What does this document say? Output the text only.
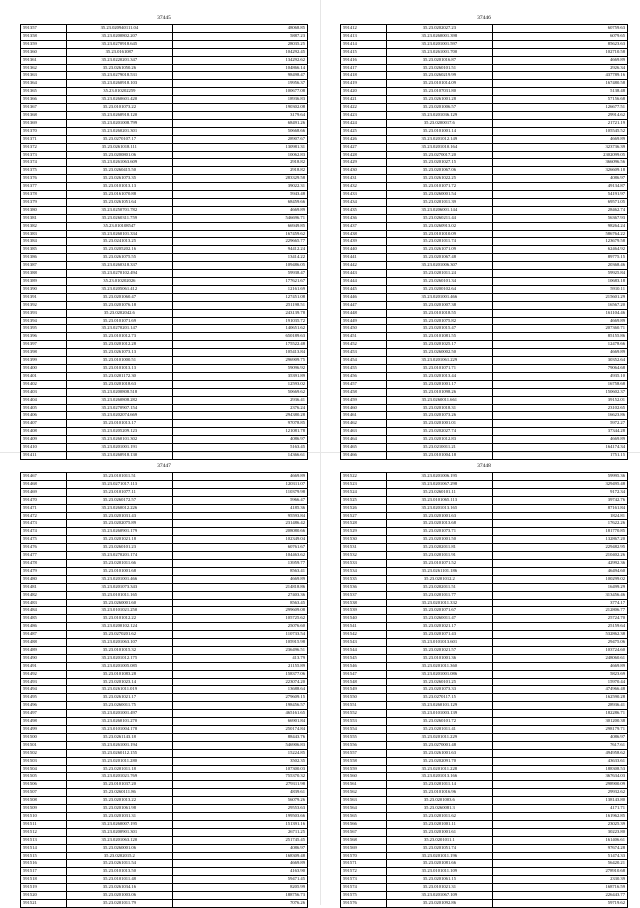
37445
591357	35.23.020940111.04	48068.85
591358	35.23.0200802.207	5887.23
591359	35.23.0270918.645	28035.25
591360	35.23.0161087	104292.45
591361	35.23.0220201.347	134292.62
591362	35.23.0261050.26	104866.14
591363	35.23.0279018.531	98498.47
591364	35.23.0260918.103	19956.37
591365	35.23.010202259	100677.08
591366	35.23.0260601.420	18936.83
591367	35.23.0101073.22	190302.08
591368	35.23.0260918.120	3179.64
591369	35.23.0201008.799	68491.26
591370	35.23.0260201.301	50668.66
591371	35.23.0270107.17	28907.67
591372	35.23.0261018.111	130981.31
591373	35.23.0200801.06	10062.83
591374	35.23.0261063.609	2918.82
591375	35.23.0260415.50	2918.82
591376	35.23.0261073.35	283329.58
591377	35.23.0101013.13	39022.31
591378	35.23.0161070.88	5943.48
591379	35.23.0261051.64	68459.66
591380	35.23.0250701.782	4669.89
591381	35.23.0260311.759	546696.71
591382	35.23.010108547	66949.85
591383	35.23.0260101.334	167459.62
591384	35.23.0241013.25	229665.77
591385	35.23.0205202.16	94412.24
591386	35.23.0261075.55	13414.22
591387	35.23.0260318.337	109486.05
591388	35.23.0270102.494	59938.47
591389	35.23.010202026	177621.67
591390	35.23.0205061.412	12161.69
591391	35.23.0201060.47	127451.08
591392	35.23.0201076.18	251198.51
591393	35.23.0202042.6	243139.78
591394	35.23.0101071.69	191035.72
591395	35.23.0270201.147	140651.62
591396	35.23.0101012.73	650189.63
591397	35.23.0201012.28	175522.48
591398	35.23.0261073.13	105413.84
591399	35.23.0101000.51	296909.75
591400	35.23.0101013.13	59096.92
591401	35.23.0201172.30	35391.89
591402	35.23.0201018.63	12593.02
591403	35.23.0200808.518	50669.62
591404	35.23.0260808.282	2936.41
591405	35.23.0270907.154	2376.24
591406	35.23.0202074.669	294380.28
591407	35.23.0101013.17	97078.85
591408	35.23.0205209.123	121081.78
591409	35.23.0260101.302	4086.97
591410	35.23.0201001.191	5163.45
591411	35.23.0260918.130	14366.61
37446
591412	35.23.0202027.23	60759.63
591413	35.23.0260001.398	6079.65
591414	35.23.0201001.597	85623.63
591415	35.23.0261001.700	102710.58
591416	35.23.0201016.87	4669.89
591417	35.23.0260101.51	2926.34
591418	35.23.0260219.99	437789.16
591419	35.23.0101014.09	167480.58
591420	35.23.0107031.80	5138.48
591421	35.23.0261001.28	57156.68
591422	35.23.0201006.57	126677.51
591423	35.23.0201036.129	29914.62
591424	35.23.0200017.6	21721.19
591425	35.23.0101001.14	105545.52
591426	35.23.0201012.149	4669.89
591427	35.23.0201010.164	323736.39
591428	35.23.0270017.20	2302099.05
591429	35.23.0201027.15	366096.56
591430	35.23.0201067.06	326609.18
591431	35.23.0261022.25	4086.97
591432	35.23.0101071.72	49134.87
591433	35.23.0260001.54	54191.97
591434	35.23.0201011.39	69571.05
591435	35.23.0206001.144	28462.74
591436	35.23.0260211.44	56367.93
591437	35.23.0260913.02	98264.24
591438	35.23.0101010.09	586764.22
591439	35.23.0201011.74	123679.58
591440	35.23.0261071.09	62464.92
591441	35.23.0201067.48	89775.15
591442	35.23.0201006.307	20368.46
591443	35.23.0201011.24	59925.84
591444	35.23.0260101.34	10683.18
591445	35.23.0200102.64	5910.11
591446	35.23.0201001.466	215601.29
591447	35.23.0201007.38	16567.20
591448	35.23.0101018.55	161104.46
591449	35.23.0201075.82	4669.89
591450	35.23.0201015.47	207360.71
591451	35.23.0101081.55	85155.86
591452	35.23.0201025.17	12478.66
591453	35.23.0260002.50	4669.89
591454	35.23.0201061.229	30352.64
591455	35.23.0101071.71	79064.68
591456	35.23.0201013.44	4935.10
591457	35.23.0201001.17	16758.68
591458	35.23.0101098.26	150602.37
591459	35.23.0260011.661	39152.01
591460	35.23.0201018.31	23102.65
591461	35.23.0201073.26	16623.86
591462	35.23.0201001.01	5972.27
591463	35.23.0202027.74	37344.28
591464	35.23.0201012.83	4669.89
591465	35.23.0210011.21	164174.34
591466	35.23.0101004.18	1751.15
37447
591467	35.23.0101011.51	4669.89
591468	35.23.0271017.113	120311.07
591469	35.23.0101077.11	110379.98
591470	35.23.0260172.57	5966.47
591471	35.23.0260012.226	4185.36
591472	35.23.0201031.43	95593.84
591473	35.23.0202075.89	231486.42
591474	35.23.0260901.179	208080.66
591475	35.23.0201021.18	102349.04
591476	35.23.0260101.23	60761.67
591477	35.23.0270201.174	104463.62
591478	35.23.0201011.66	13959.77
591479	35.23.0101001.68	8563.41
591480	35.23.0201001.466	4669.89
591481	35.23.0201073.343	214818.86
591482	35.23.0101011.165	27403.36
591483	35.23.0260001.60	8563.45
591484	35.23.0101021.250	299609.08
591485	35.23.0101012.22	105725.62
591486	35.23.0200102.124	25076.60
591487	35.23.0270201.62	110733.54
591488	35.23.0201063.107	105915.98
591489	35.23.0101015.32	236496.51
591490	35.23.0201012.175	413.79
591491	35.23.0201005.085	21155.89
591492	35.23.0101083.28	158377.06
591493	35.23.0201023.14	223074.20
591494	35.23.0261011.019	13688.64
591495	35.23.0261021.17	279609.15
591496	35.23.0260011.75	198456.57
591497	35.23.0201001.497	465161.65
591498	35.23.0260101.270	66901.84
591499	35.23.0101004.178	250174.84
591500	35.23.0261143.18	88443.76
591501	35.23.0261001.194	546906.83
591502	35.23.0260112.155	15224.85
591503	35.23.0201011.280	3502.35
591504	35.23.0201011.18	107300.03
591505	35.23.0201021.769	755370.32
591506	35.23.0101037.20	279311.98
591507	35.23.0260111.86	4839.61
591508	35.23.0201013.22	56079.26
591509	35.23.0201061.98	29553.63
591510	35.23.0201031.31	199503.66
591511	35.23.0260007.195	151391.16
591512	35.23.0200901.301	26711.25
591513	35.23.0201063.120	251745.45
591514	35.23.0260001.06	4086.97
591515	35.23.0202015.2	168309.48
591516	35.23.0261011.54	4669.89
591517	35.23.0101013.50	4163.90
591518	35.23.0101011.48	59471.45
591519	35.23.0261034.16	8205.99
591520	35.23.0201003.06	188756.73
591521	35.23.0201011.79	7076.26
37448
591522	35.23.0201006.195	59995.36
591523	35.23.0201067.298	329495.48
591524	35.23.0260101.11	9172.34
591525	35.23.0101065.113	39742.76
591526	35.23.0201013.165	87161.84
591527	35.23.0201001.63	1824.81
591528	35.23.0201013.68	17622.26
591529	35.23.0201073.71	181770.85
591530	35.23.0201001.50	132867.20
591531	35.23.0202011.81	229482.95
591532	35.23.0201011.91	210402.26
591533	35.23.0101071.52	42992.36
591534	35.23.0261101.186	46494.60
591535	35.23.0201012.2	100299.02
591536	35.23.0202011.51	16499.29
591537	35.23.0201011.77	313456.46
591538	35.23.0201011.332	3774.17
591539	35.23.0201071.67	212806.77
591540	35.23.0260011.47	25724.70
591541	35.23.0201021.17	25159.64
591542	35.23.0201071.43	532862.38
591543	35.23.0101013.601	29475.06
591544	35.23.0201021.57	103724.60
591545	35.23.0101001.36	248060.61
591546	35.23.0201011.360	4669.89
591547	35.23.0201001.086	5823.69
591548	35.23.0260101.25	15970.44
591549	35.23.0201073.33	474966.48
591550	35.23.0270117.15	162590.28
591551	35.23.0260101.129	28936.41
591552	35.23.0101003.139	182286.71
591553	35.23.0260101.72	301200.38
591554	35.23.0201011.41	298179.71
591555	35.23.0201011.229	4086.97
591556	35.23.0270001.48	7617.61
591557	35.23.0261001.63	494958.62
591558	35.23.0202091.70	43633.61
591559	35.23.0201011.228	188308.53
591560	35.23.0201013.166	367634.03
591561	35.23.0201011.14	298900.09
591562	35.23.0101016.96	29932.62
591563	35.23.0201003.6	138143.80
591564	35.23.0260081.3	4171.71
591565	35.23.0201011.62	161962.85
591566	35.23.0201001.11	23025.39
591567	35.23.0201001.61	30223.80
591568	35.23.0201011.1	161406.61
591569	35.23.0201051.74	97674.28
591570	35.23.0201011.196	51474.33
591571	35.23.0201081.66	56420.21
591572	35.23.0101011.109	278910.68
591573	35.23.0201061.15	2330.39
591574	35.23.0101021.31	168716.59
591575	35.23.0201067.109	226443.77
591576	35.23.0201092.86	59719.62
